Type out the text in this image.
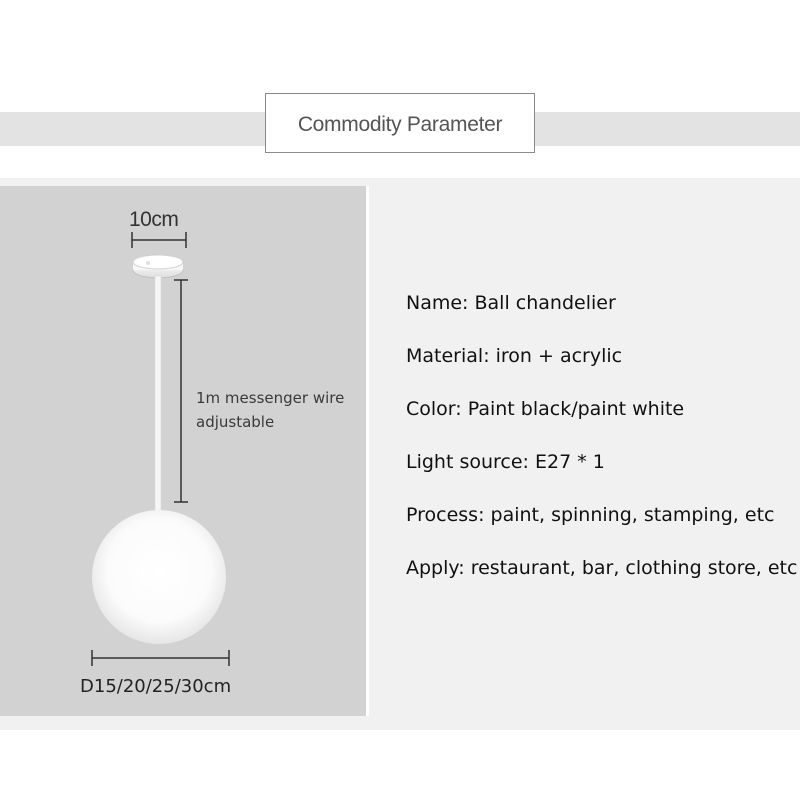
Commodity Parameter
10cm
1m messenger wire
adjustable
D15/20/25/30cm
Name: Ball chandelier
Material: iron + acrylic
Color: Paint black/paint white
Light source: E27 * 1
Process: paint, spinning, stamping, etc
Apply: restaurant, bar, clothing store, etc
